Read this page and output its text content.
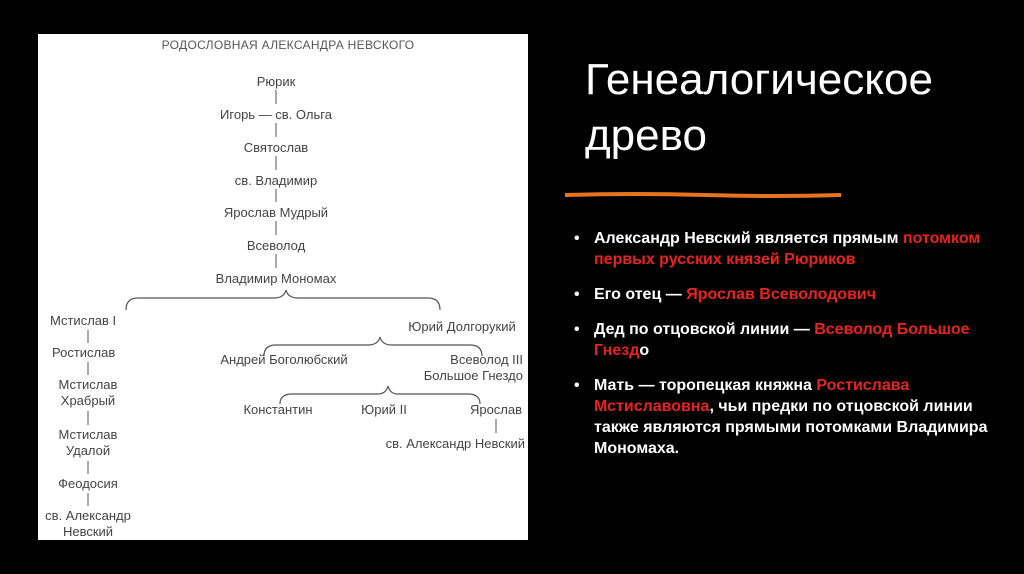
РОДОСЛОВНАЯ АЛЕКСАНДРА НЕВСКОГО
Рюрик
Игорь — св. Ольга
Святослав
св. Владимир
Ярослав Мудрый
Всеволод
Владимир Мономах
Мстислав I
Ростислав
Мстислав
Храбрый
Мстислав
Удалой
Феодосия
св. Александр
Невский
Юрий Долгорукий
Андрей Боголюбский	Всеволод III
Большое Гнездо
Константин	Юрий II	Ярослав
св. Александр Невский
Генеалогическое древо
• Александр Невский является прямым потомком первых русских князей Рюриков
• Его отец — Ярослав Всеволодович
• Дед по отцовской линии — Всеволод Большое Гнездо
• Мать — торопецкая княжна Ростислава Мстиславовна, чьи предки по отцовской линии также являются прямыми потомками Владимира Мономаха.
